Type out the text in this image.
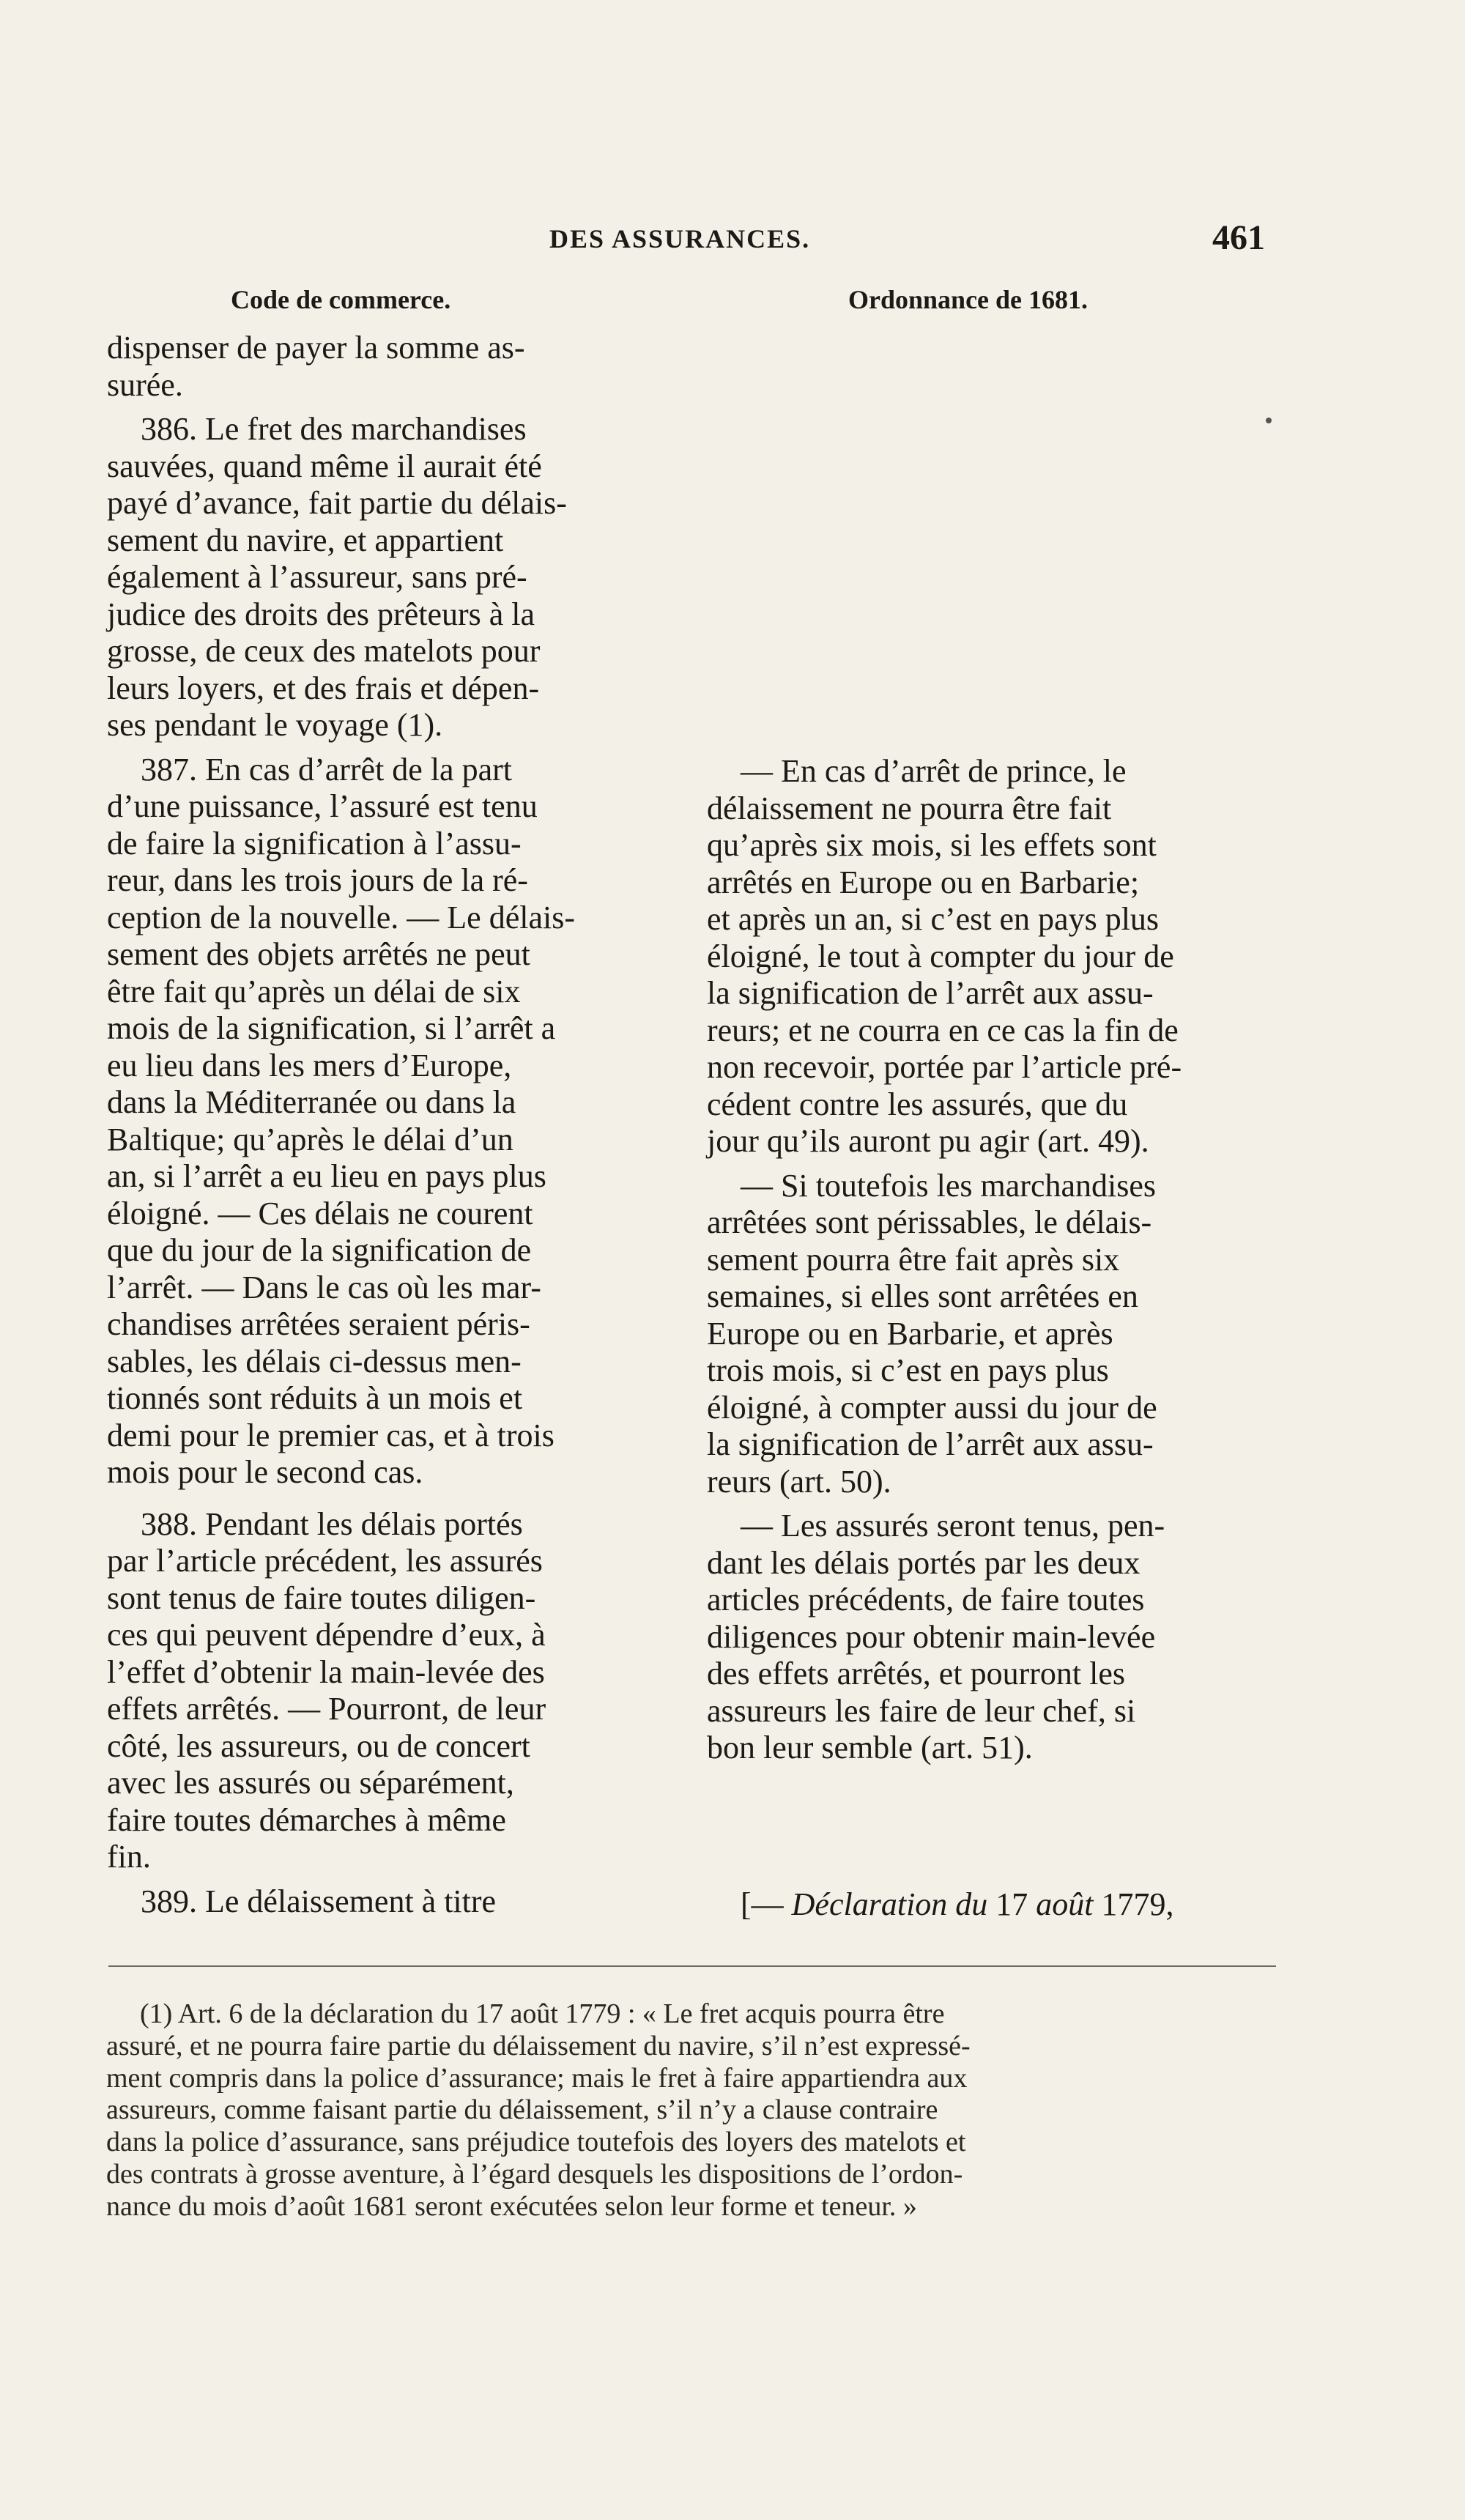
DES ASSURANCES.	461
Code de commerce.	Ordonnance de 1681.

dispenser de payer la somme as-
surée.

386. Le fret des marchandises
sauvées, quand même il aurait été
payé d’avance, fait partie du délais-
sement du navire, et appartient
également à l’assureur, sans pré-
judice des droits des prêteurs à la
grosse, de ceux des matelots pour
leurs loyers, et des frais et dépen-
ses pendant le voyage (1).

387. En cas d’arrêt de la part
d’une puissance, l’assuré est tenu
de faire la signification à l’assu-
reur, dans les trois jours de la ré-
ception de la nouvelle. — Le délais-
sement des objets arrêtés ne peut
être fait qu’après un délai de six
mois de la signification, si l’arrêt a
eu lieu dans les mers d’Europe,
dans la Méditerranée ou dans la
Baltique; qu’après le délai d’un
an, si l’arrêt a eu lieu en pays plus
éloigné. — Ces délais ne courent
que du jour de la signification de
l’arrêt. — Dans le cas où les mar-
chandises arrêtées seraient péris-
sables, les délais ci-dessus men-
tionnés sont réduits à un mois et
demi pour le premier cas, et à trois
mois pour le second cas.

388. Pendant les délais portés
par l’article précédent, les assurés
sont tenus de faire toutes diligen-
ces qui peuvent dépendre d’eux, à
l’effet d’obtenir la main-levée des
effets arrêtés. — Pourront, de leur
côté, les assureurs, ou de concert
avec les assurés ou séparément,
faire toutes démarches à même
fin.

389. Le délaissement à titre

— En cas d’arrêt de prince, le
délaissement ne pourra être fait
qu’après six mois, si les effets sont
arrêtés en Europe ou en Barbarie;
et après un an, si c’est en pays plus
éloigné, le tout à compter du jour de
la signification de l’arrêt aux assu-
reurs; et ne courra en ce cas la fin de
non recevoir, portée par l’article pré-
cédent contre les assurés, que du
jour qu’ils auront pu agir (art. 49).

— Si toutefois les marchandises
arrêtées sont périssables, le délais-
sement pourra être fait après six
semaines, si elles sont arrêtées en
Europe ou en Barbarie, et après
trois mois, si c’est en pays plus
éloigné, à compter aussi du jour de
la signification de l’arrêt aux assu-
reurs (art. 50).

— Les assurés seront tenus, pen-
dant les délais portés par les deux
articles précédents, de faire toutes
diligences pour obtenir main-levée
des effets arrêtés, et pourront les
assureurs les faire de leur chef, si
bon leur semble (art. 51).

[— Déclaration du 17 août 1779,

(1) Art. 6 de la déclaration du 17 août 1779 : « Le fret acquis pourra être
assuré, et ne pourra faire partie du délaissement du navire, s’il n’est expressé-
ment compris dans la police d’assurance; mais le fret à faire appartiendra aux
assureurs, comme faisant partie du délaissement, s’il n’y a clause contraire
dans la police d’assurance, sans préjudice toutefois des loyers des matelots et
des contrats à grosse aventure, à l’égard desquels les dispositions de l’ordon-
nance du mois d’août 1681 seront exécutées selon leur forme et teneur. »
